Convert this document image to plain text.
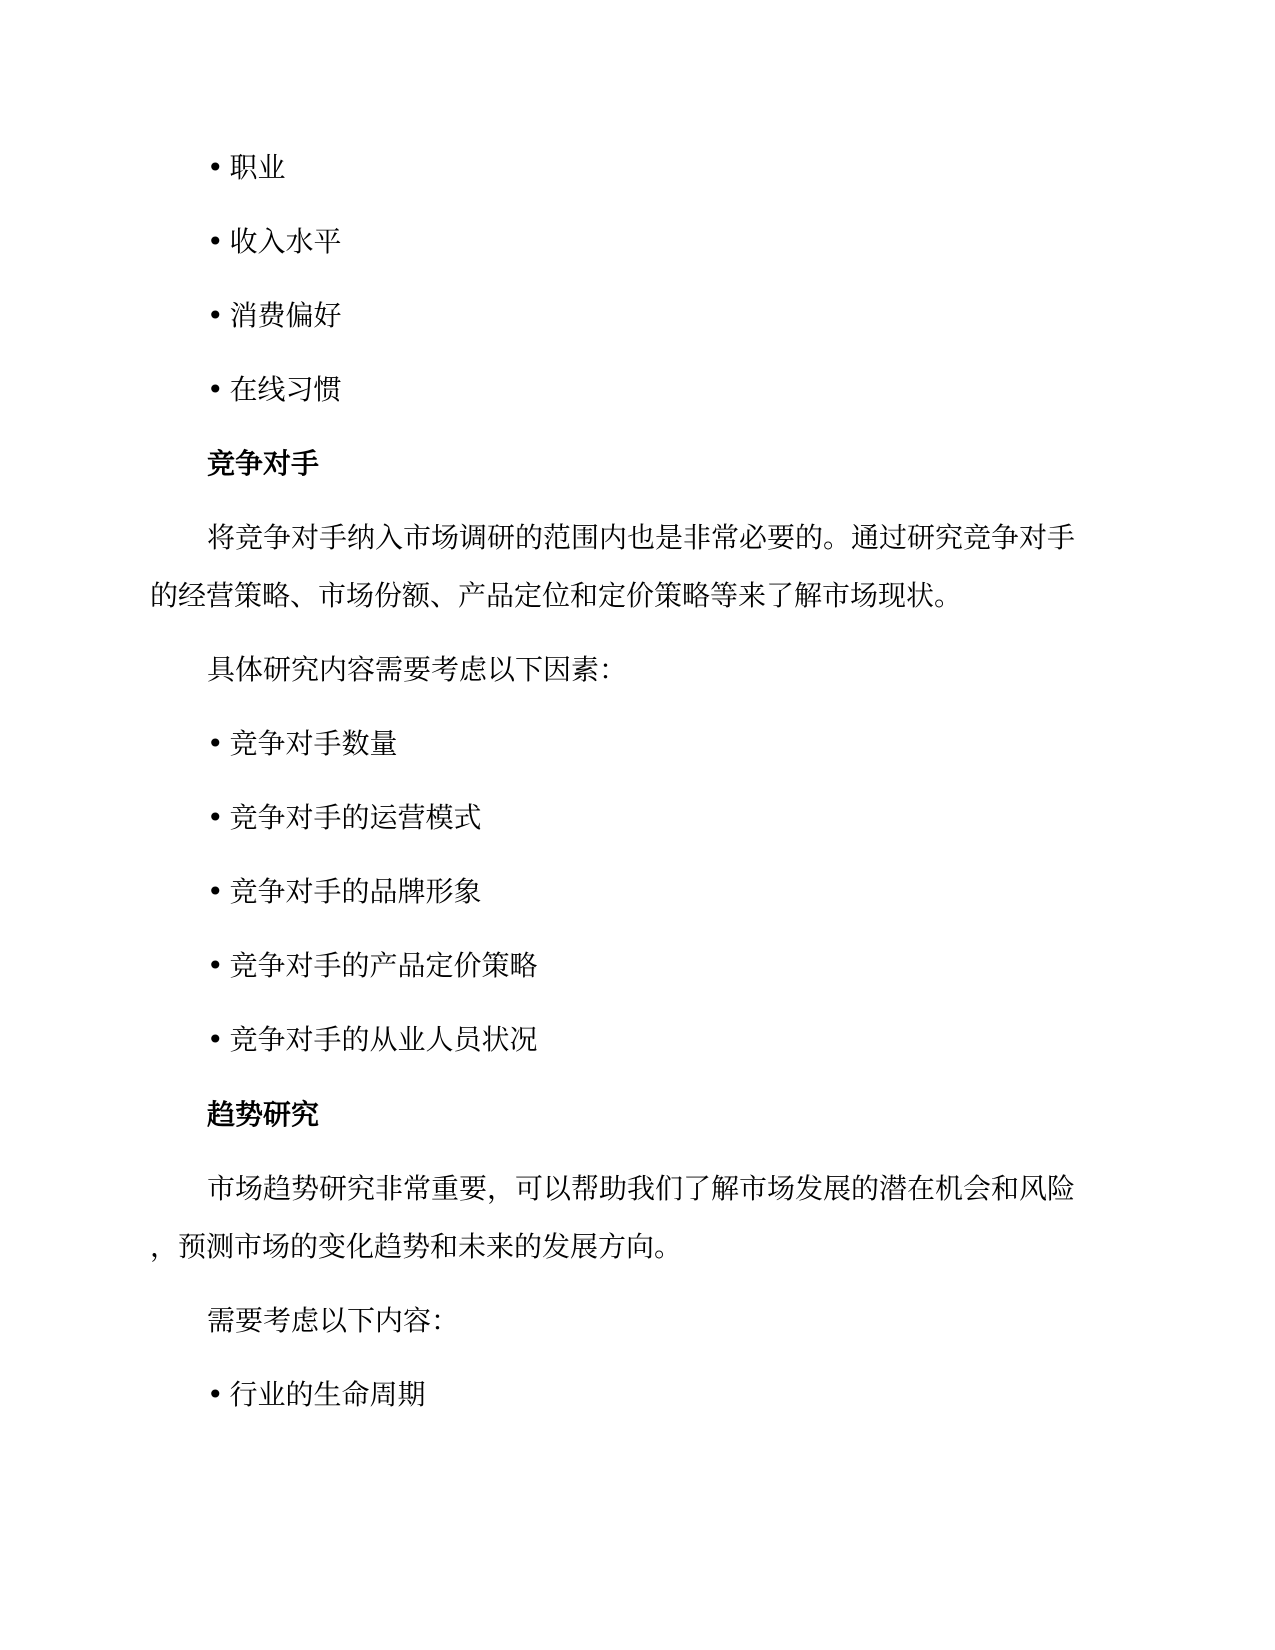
• 职业
• 收入水平
• 消费偏好
• 在线习惯
竞争对手
将竞争对手纳入市场调研的范围内也是非常必要的。通过研究竞争对手
的经营策略、市场份额、产品定位和定价策略等来了解市场现状。
具体研究内容需要考虑以下因素：
• 竞争对手数量
• 竞争对手的运营模式
• 竞争对手的品牌形象
• 竞争对手的产品定价策略
• 竞争对手的从业人员状况
趋势研究
市场趋势研究非常重要，可以帮助我们了解市场发展的潜在机会和风险
，预测市场的变化趋势和未来的发展方向。
需要考虑以下内容：
• 行业的生命周期
